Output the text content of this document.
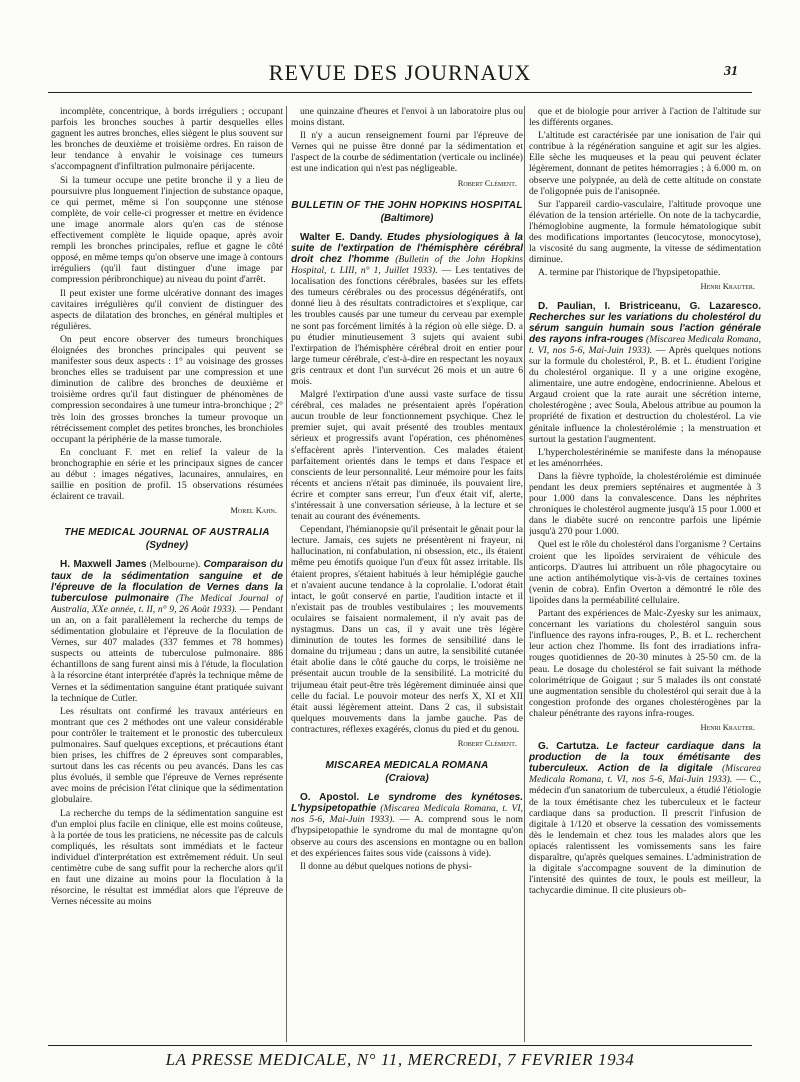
REVUE DES JOURNAUX	31

incomplète, concentrique, à bords irréguliers ; occupant parfois les bronches souches à partir desquelles elles gagnent les autres bronches, elles siègent le plus souvent sur les bronches de deuxième et troisième ordres. En raison de leur tendance à envahir le voisinage ces tumeurs s'accompagnent d'infiltration pulmonaire périjacente.

Si la tumeur occupe une petite bronche il y a lieu de poursuivre plus longuement l'injection de substance opaque, ce qui permet, même si l'on soupçonne une sténose complète, de voir celle-ci progresser et mettre en évidence une image anormale alors qu'en cas de sténose effectivement complète le liquide opaque, après avoir rempli les bronches principales, reflue et gagne le côté opposé, en même temps qu'on observe une image à contours irréguliers (qu'il faut distinguer d'une image par compression péribronchique) au niveau du point d'arrêt.

Il peut exister une forme ulcérative donnant des images cavitaires irrégulières qu'il convient de distinguer des aspects de dilatation des bronches, en général multiples et régulières.

On peut encore observer des tumeurs bronchiques éloignées des bronches principales qui peuvent se manifester sous deux aspects : 1° au voisinage des grosses bronches elles se traduisent par une compression et une diminution de calibre des bronches de deuxième et troisième ordres qu'il faut distinguer de phénomènes de compression secondaires à une tumeur intra-bronchique ; 2° très loin des grosses bronches la tumeur provoque un rétrécissement complet des petites bronches, les bronchioles occupant la périphérie de la masse tumorale.

En concluant F. met en relief la valeur de la bronchographie en série et les principaux signes de cancer au début : images négatives, lacunaires, annulaires, en saillie en position de profil. 15 observations résumées éclairent ce travail.

Morel Kahn.
THE MEDICAL JOURNAL OF AUSTRALIA
(Sydney)

H. Maxwell James (Melbourne). Comparaison du taux de la sédimentation sanguine et de l'épreuve de la floculation de Vernes dans la tuberculose pulmonaire (The Medical Journal of Australia, XXe année, t. II, n° 9, 26 Août 1933). — Pendant un an, on a fait parallèlement la recherche du temps de sédimentation globulaire et l'épreuve de la floculation de Vernes, sur 407 malades (337 femmes et 78 hommes) suspects ou atteints de tuberculose pulmonaire. 886 échantillons de sang furent ainsi mis à l'étude, la floculation à la résorcine étant interprétée d'après la technique même de Vernes et la sédimentation sanguine étant pratiquée suivant la technique de Cutler.

Les résultats ont confirmé les travaux antérieurs en montrant que ces 2 méthodes ont une valeur considérable pour contrôler le traitement et le pronostic des tuberculeux pulmonaires. Sauf quelques exceptions, et précautions étant bien prises, les chiffres de 2 épreuves sont comparables, surtout dans les cas récents ou peu avancés. Dans les cas plus évolués, il semble que l'épreuve de Vernes représente avec moins de précision l'état clinique que la sédimentation globulaire.

La recherche du temps de la sédimentation sanguine est d'un emploi plus facile en clinique, elle est moins coûteuse, à la portée de tous les praticiens, ne nécessite pas de calculs compliqués, les résultats sont immédiats et le facteur individuel d'interprétation est extrêmement réduit. Un seul centimètre cube de sang suffit pour la recherche alors qu'il en faut une dizaine au moins pour la floculation à la résorcine, le résultat est immédiat alors que l'épreuve de Vernes nécessite au moins

une quinzaine d'heures et l'envoi à un laboratoire plus ou moins distant.

Il n'y a aucun renseignement fourni par l'épreuve de Vernes qui ne puisse être donné par la sédimentation et l'aspect de la courbe de sédimentation (verticale ou inclinée) est une indication qui n'est pas négligeable.

Robert Clément.
BULLETIN OF THE JOHN HOPKINS HOSPITAL
(Baltimore)

Walter E. Dandy. Etudes physiologiques à la suite de l'extirpation de l'hémisphère cérébral droit chez l'homme (Bulletin of the John Hopkins Hospital, t. LIII, n° 1, Juillet 1933). — Les tentatives de localisation des fonctions cérébrales, basées sur les effets des tumeurs cérébrales ou des processus dégénératifs, ont donné lieu à des résultats contradictoires et s'explique, car les troubles causés par une tumeur du cerveau par exemple ne sont pas forcément limités à la région où elle siège. D. a pu étudier minutieusement 3 sujets qui avaient subi l'extirpation de l'hémisphère cérébral droit en entier pour large tumeur cérébrale, c'est-à-dire en respectant les noyaux gris centraux et dont l'un survécut 26 mois et un autre 6 mois.

Malgré l'extirpation d'une aussi vaste surface de tissu cérébral, ces malades ne présentaient après l'opération aucun trouble de leur fonctionnement psychique. Chez le premier sujet, qui avait présenté des troubles mentaux sérieux et progressifs avant l'opération, ces phénomènes s'effacèrent après l'intervention. Ces malades étaient parfaitement orientés dans le temps et dans l'espace et conscients de leur personnalité. Leur mémoire pour les faits récents et anciens n'était pas diminuée, ils pouvaient lire, écrire et compter sans erreur, l'un d'eux était vif, alerte, s'intéressait à une conversation sérieuse, à la lecture et se tenait au courant des événements.

Cependant, l'hémianopsie qu'il présentait le gênait pour la lecture. Jamais, ces sujets ne présentèrent ni frayeur, ni hallucination, ni confabulation, ni obsession, etc., ils étaient même peu émotifs quoique l'un d'eux fût assez irritable. Ils étaient propres, s'étaient habitués à leur hémiplégie gauche et n'avaient aucune tendance à la coprolalie. L'odorat était intact, le goût conservé en partie, l'audition intacte et il n'existait pas de troubles vestibulaires ; les mouvements oculaires se faisaient normalement, il n'y avait pas de nystagmus. Dans un cas, il y avait une très légère diminution de toutes les formes de sensibilité dans le domaine du trijumeau ; dans un autre, la sensibilité cutanée était abolie dans le côté gauche du corps, le troisième ne présentait aucun trouble de la sensibilité. La motricité du trijumeau était peut-être très légèrement diminuée ainsi que celle du facial. Le pouvoir moteur des nerfs X, XI et XII était aussi légèrement atteint. Dans 2 cas, il subsistait quelques mouvements dans la jambe gauche. Pas de contractures, réflexes exagérés, clonus du pied et du genou.

Robert Clément.
MISCAREA MEDICALA ROMANA
(Craiova)

O. Apostol. Le syndrome des kynétoses. L'hypsipetopathie (Miscarea Medicala Romana, t. VI, nos 5-6, Mai-Juin 1933). — A. comprend sous le nom d'hypsipetopathie le syndrome du mal de montagne qu'on observe au cours des ascensions en montagne ou en ballon et des expériences faites sous vide (caissons à vide).

Il donne au début quelques notions de physi-

que et de biologie pour arriver à l'action de l'altitude sur les différents organes.

L'altitude est caractérisée par une ionisation de l'air qui contribue à la régénération sanguine et agit sur les algies. Elle sèche les muqueuses et la peau qui peuvent éclater légèrement, donnant de petites hémorragies ; à 6.000 m. on observe une polypnée, au delà de cette altitude on constate de l'oligopnée puis de l'anisopnée.

Sur l'appareil cardio-vasculaire, l'altitude provoque une élévation de la tension artérielle. On note de la tachycardie, l'hémoglobine augmente, la formule hématologique subit des modifications importantes (leucocytose, monocytose), la viscosité du sang augmente, la vitesse de sédimentation diminue.

A. termine par l'historique de l'hypsipetopathie.

Henri Krauter.

D. Paulian, I. Bristriceanu, G. Lazaresco. Recherches sur les variations du cholestérol du sérum sanguin humain sous l'action générale des rayons infra-rouges (Miscarea Medicala Romana, t. VI, nos 5-6, Mai-Juin 1933). — Après quelques notions sur la formule du cholestérol, P., B. et L. étudient l'origine du cholestérol organique. Il y a une origine exogène, alimentaire, une autre endogène, endocrinienne. Abelous et Argaud croient que la rate aurait une sécrétion interne, cholestérogène ; avec Soula, Abelous attribue au poumon la propriété de fixation et destruction du cholestérol. La vie génitale influence la cholestérolémie ; la menstruation et surtout la gestation l'augmentent.

L'hypercholestérinémie se manifeste dans la ménopause et les aménorrhées.

Dans la fièvre typhoïde, la cholestérolémie est diminuée pendant les deux premiers septénaires et augmentée à 3 pour 1.000 dans la convalescence. Dans les néphrites chroniques le cholestérol augmente jusqu'à 15 pour 1.000 et dans le diabète sucré on rencontre parfois une lipémie jusqu'à 270 pour 1.000.

Quel est le rôle du cholestérol dans l'organisme ? Certains croient que les lipoïdes serviraient de véhicule des anticorps. D'autres lui attribuent un rôle phagocytaire ou une action antihémolytique vis-à-vis de certaines toxines (venin de cobra). Enfin Overton a démontré le rôle des lipoïdes dans la perméabilité cellulaire.

Partant des expériences de Malc-Zyesky sur les animaux, concernant les variations du cholestérol sanguin sous l'influence des rayons infra-rouges, P., B. et L. recherchent leur action chez l'homme. Ils font des irradiations infra-rouges quotidiennes de 20-30 minutes à 25-50 cm. de la peau. Le dosage du cholestérol se fait suivant la méthode colorimétrique de Goigaut ; sur 5 malades ils ont constaté une augmentation sensible du cholestérol qui serait due à la congestion profonde des organes cholestérogènes par la chaleur pénétrante des rayons infra-rouges.

Henri Krauter.

G. Cartutza. Le facteur cardiaque dans la production de la toux émétisante des tuberculeux. Action de la digitale (Miscarea Medicala Romana, t. VI, nos 5-6, Mai-Juin 1933). — C., médecin d'un sanatorium de tuberculeux, a étudié l'étiologie de la toux émétisante chez les tuberculeux et le facteur cardiaque dans sa production. Il prescrit l'infusion de digitale à 1/120 et observe la cessation des vomissements dès le lendemain et chez tous les malades alors que les opiacés ralentissent les vomissements sans les faire disparaître, qu'après quelques semaines. L'administration de la digitale s'accompagne souvent de la diminution de l'intensité des quintes de toux, le pouls est meilleur, la tachycardie diminue. Il cite plusieurs ob-

LA PRESSE MEDICALE, N° 11, MERCREDI, 7 FEVRIER 1934
